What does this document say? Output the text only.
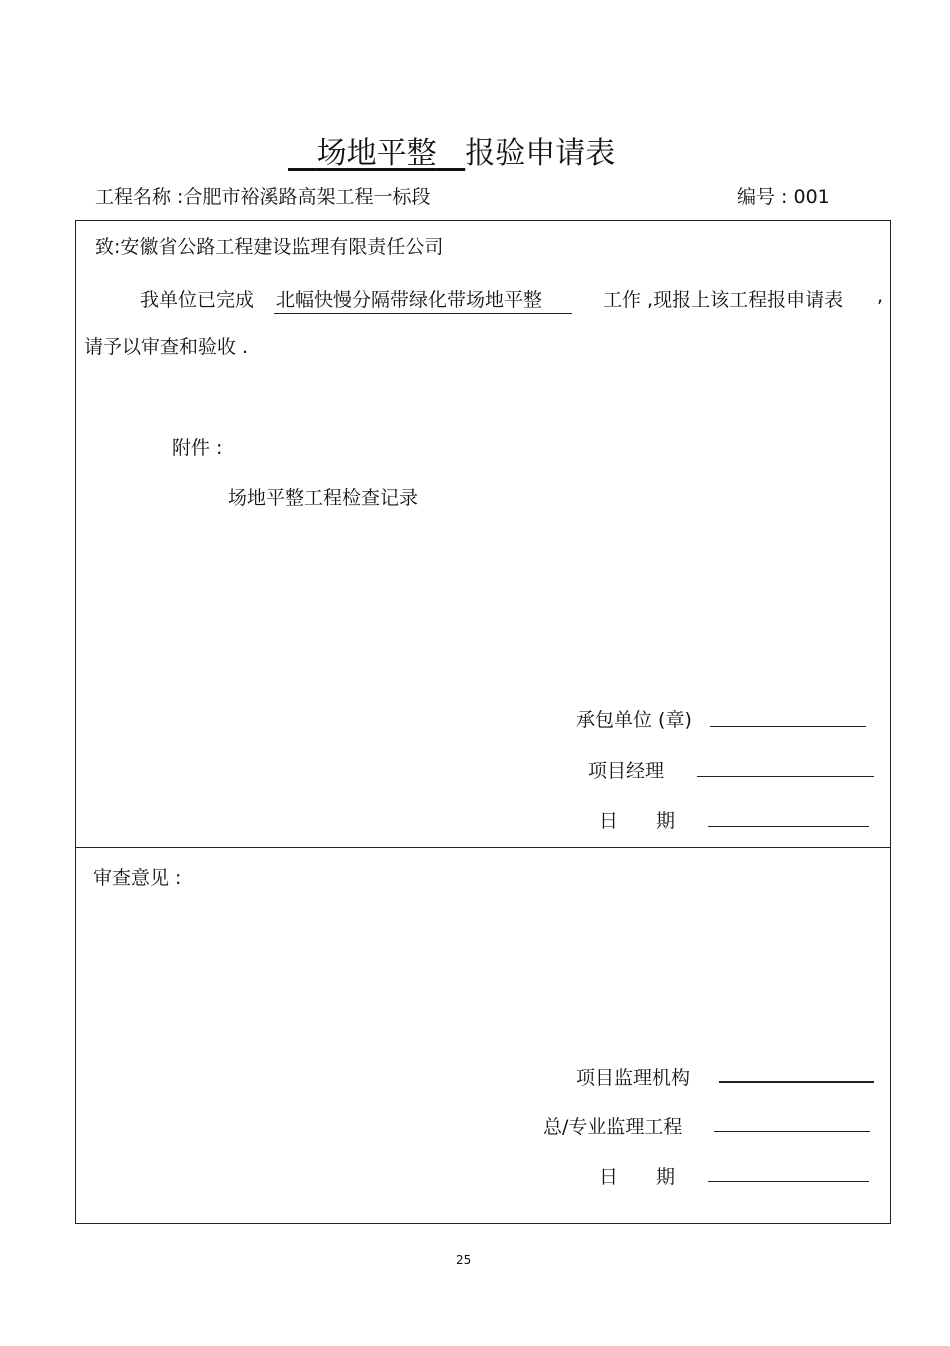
场地平整 报验申请表
工程名称 :合肥市裕溪路高架工程一标段	编号 : 001
致:安徽省公路工程建设监理有限责任公司
我单位已完成 北幅快慢分隔带绿化带场地平整	工作 ,现报上该工程报申请表 ,
请予以审查和验收 .
附件 :
场地平整工程检查记录
承包单位 (章)
项目经理
日　　期
审查意见 :
项目监理机构
总/专业监理工程
日　　期
25
